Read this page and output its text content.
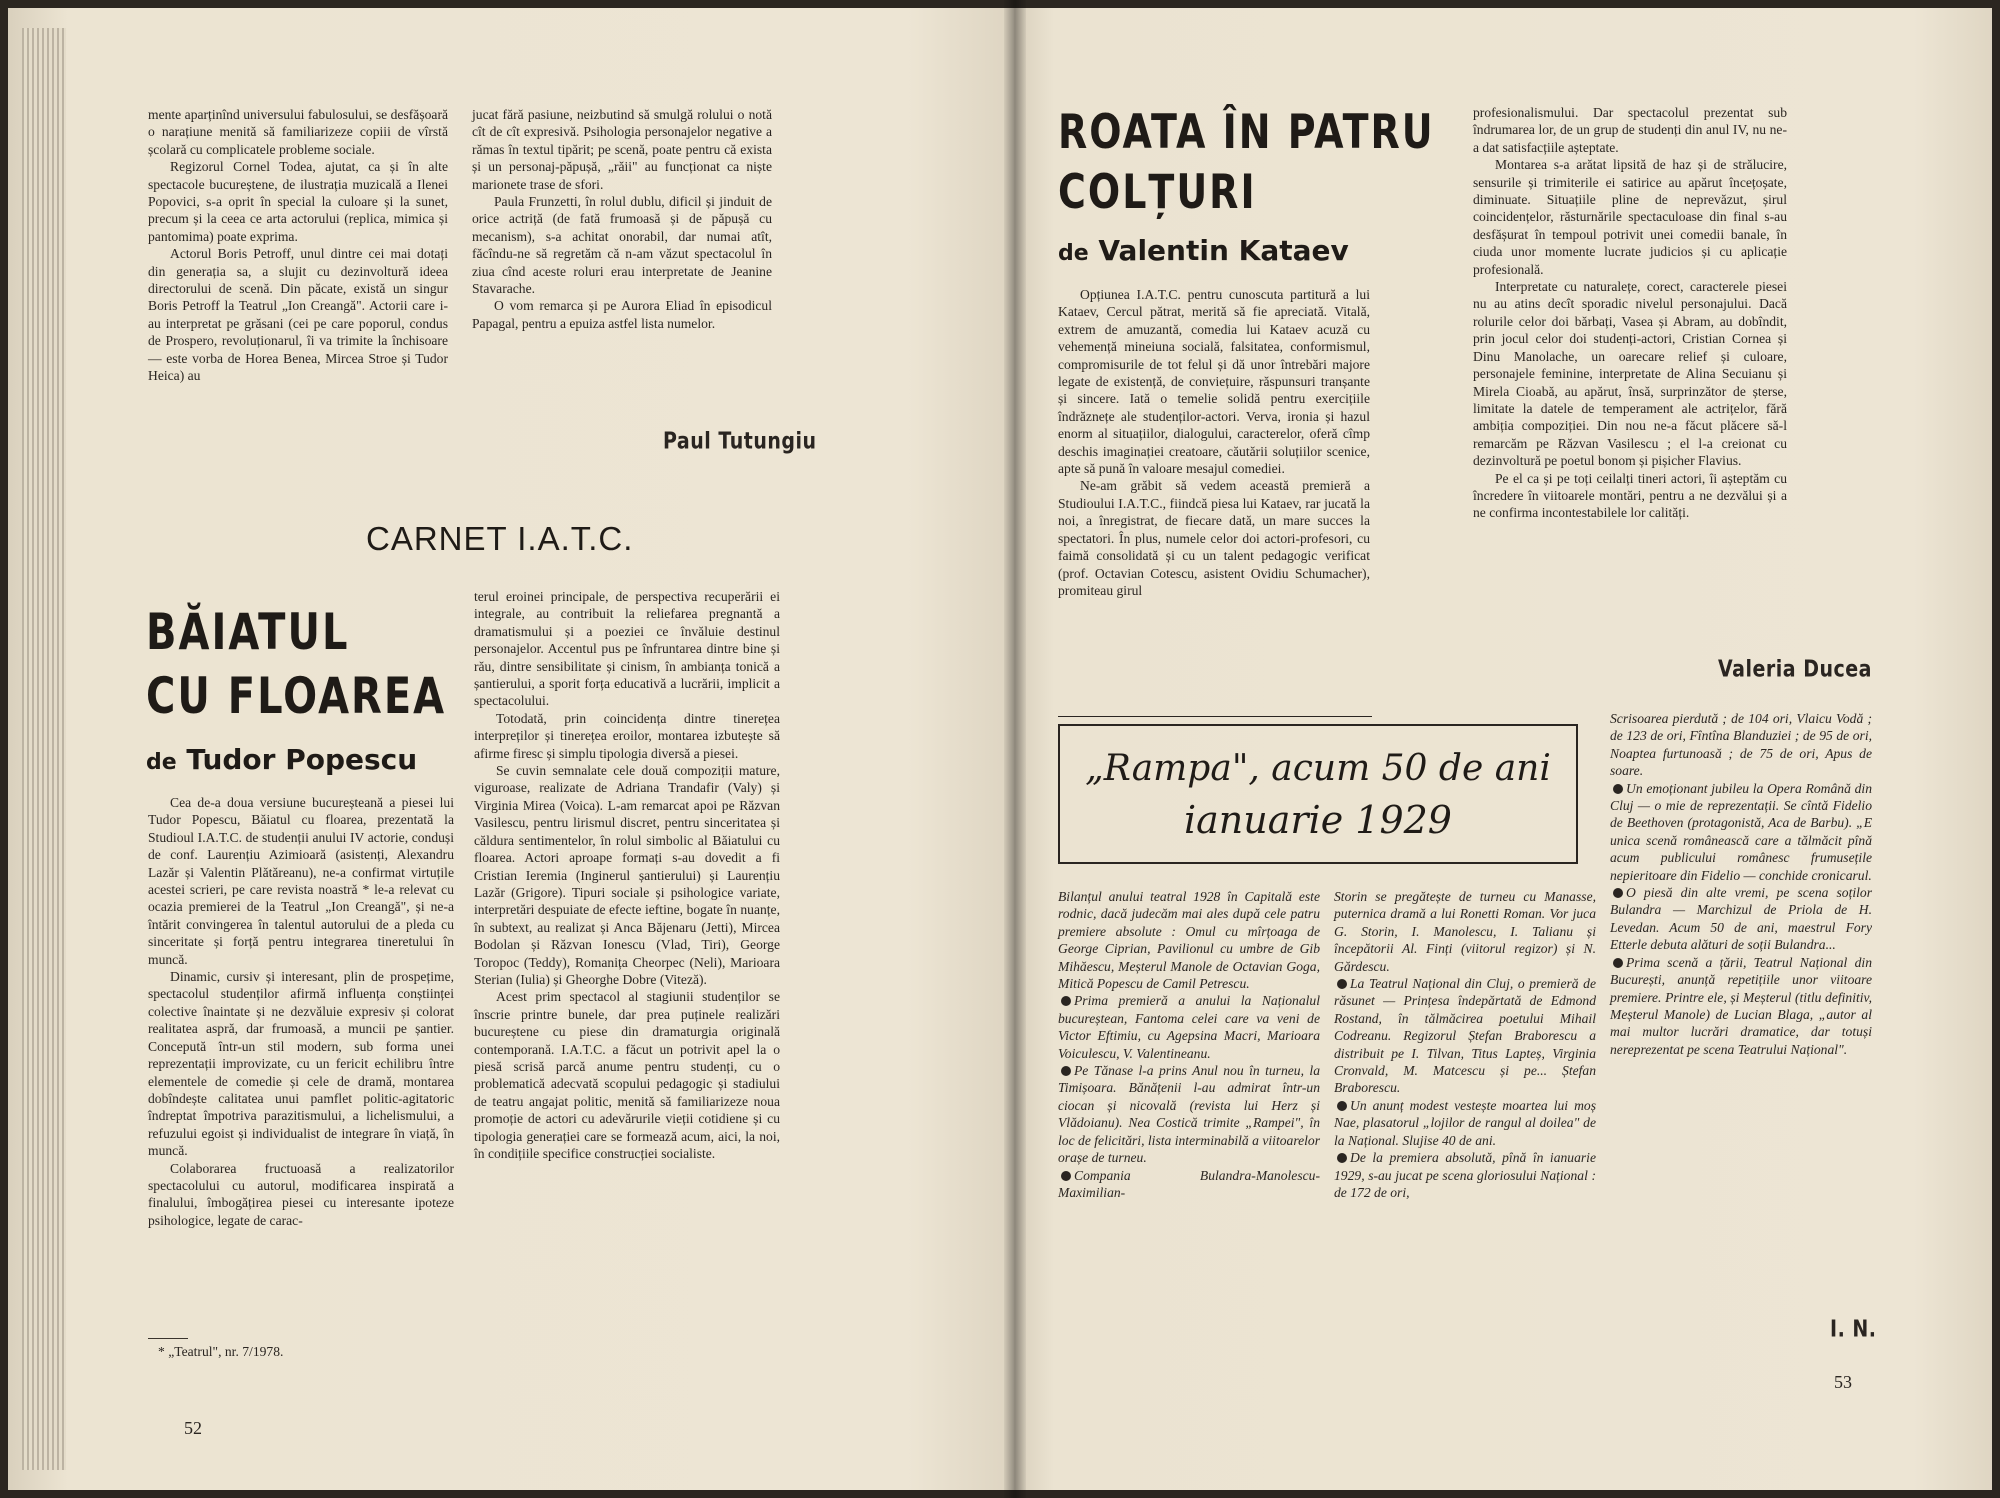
mente aparținînd universului fabulosului, se desfășoară o narațiune menită să familiarizeze copiii de vîrstă școlară cu complicatele probleme sociale.

Regizorul Cornel Todea, ajutat, ca și în alte spectacole bucureștene, de ilustrația muzicală a Ilenei Popovici, s-a oprit în special la culoare și la sunet, precum și la ceea ce arta actorului (replica, mimica și pantomima) poate exprima.

Actorul Boris Petroff, unul dintre cei mai dotați din generația sa, a slujit cu dezinvoltură ideea directorului de scenă. Din păcate, există un singur Boris Petroff la Teatrul „Ion Creangă". Actorii care i-au interpretat pe grăsani (cei pe care poporul, condus de Prospero, revoluționarul, îi va trimite la închisoare — este vorba de Horea Benea, Mircea Stroe și Tudor Heica) au

jucat fără pasiune, neizbutind să smulgă rolului o notă cît de cît expresivă. Psihologia personajelor negative a rămas în textul tipărit; pe scenă, poate pentru că exista și un personaj-păpușă, „răii" au funcționat ca niște marionete trase de sfori.

Paula Frunzetti, în rolul dublu, dificil și jinduit de orice actriță (de fată frumoasă și de păpușă cu mecanism), s-a achitat onorabil, dar numai atît, făcîndu-ne să regretăm că n-am văzut spectacolul în ziua cînd aceste roluri erau interpretate de Jeanine Stavarache.

O vom remarca și pe Aurora Eliad în episodicul Papagal, pentru a epuiza astfel lista numelor.

Paul Tutungiu
CARNET I.A.T.C.
BĂIATUL
CU FLOAREA
de Tudor Popescu

Cea de-a doua versiune bucureșteană a piesei lui Tudor Popescu, Băiatul cu floarea, prezentată la Studioul I.A.T.C. de studenții anului IV actorie, conduși de conf. Laurențiu Azimioară (asistenți, Alexandru Lazăr și Valentin Plătăreanu), ne-a confirmat virtuțile acestei scrieri, pe care revista noastră * le-a relevat cu ocazia premierei de la Teatrul „Ion Creangă", și ne-a întărit convingerea în talentul autorului de a pleda cu sinceritate și forță pentru integrarea tineretului în muncă.

Dinamic, cursiv și interesant, plin de prospețime, spectacolul studenților afirmă influența conștiinței colective înaintate și ne dezvăluie expresiv și colorat realitatea aspră, dar frumoasă, a muncii pe șantier. Concepută într-un stil modern, sub forma unei reprezentații improvizate, cu un fericit echilibru între elementele de comedie și cele de dramă, montarea dobîndește calitatea unui pamflet politic-agitatoric îndreptat împotriva parazitismului, a lichelismului, a refuzului egoist și individualist de integrare în viață, în muncă.

Colaborarea fructuoasă a realizatorilor spectacolului cu autorul, modificarea inspirată a finalului, îmbogățirea piesei cu interesante ipoteze psihologice, legate de carac-

* „Teatrul", nr. 7/1978.

terul eroinei principale, de perspectiva recuperării ei integrale, au contribuit la reliefarea pregnantă a dramatismului și a poeziei ce învăluie destinul personajelor. Accentul pus pe înfruntarea dintre bine și rău, dintre sensibilitate și cinism, în ambianța tonică a șantierului, a sporit forța educativă a lucrării, implicit a spectacolului.

Totodată, prin coincidența dintre tinerețea interpreților și tinerețea eroilor, montarea izbutește să afirme firesc și simplu tipologia diversă a piesei.

Se cuvin semnalate cele două compoziții mature, viguroase, realizate de Adriana Trandafir (Valy) și Virginia Mirea (Voica). L-am remarcat apoi pe Răzvan Vasilescu, pentru lirismul discret, pentru sinceritatea și căldura sentimentelor, în rolul simbolic al Băiatului cu floarea. Actori aproape formați s-au dovedit a fi Cristian Ieremia (Inginerul șantierului) și Laurențiu Lazăr (Grigore). Tipuri sociale și psihologice variate, interpretări despuiate de efecte ieftine, bogate în nuanțe, în subtext, au realizat și Anca Băjenaru (Jetti), Mircea Bodolan și Răzvan Ionescu (Vlad, Tiri), George Toropoc (Teddy), Romanița Cheorpec (Neli), Marioara Sterian (Iulia) și Gheorghe Dobre (Viteză).

Acest prim spectacol al stagiunii studenților se înscrie printre bunele, dar prea puținele realizări bucureștene cu piese din dramaturgia originală contemporană. I.A.T.C. a făcut un potrivit apel la o piesă scrisă parcă anume pentru studenți, cu o problematică adecvată scopului pedagogic și stadiului de teatru angajat politic, menită să familiarizeze noua promoție de actori cu adevărurile vieții cotidiene și cu tipologia generației care se formează acum, aici, la noi, în condițiile specifice construcției socialiste.

52
ROATA ÎN PATRU
COLȚURI
de Valentin Kataev

Opțiunea I.A.T.C. pentru cunoscuta partitură a lui Kataev, Cercul pătrat, merită să fie apreciată. Vitală, extrem de amuzantă, comedia lui Kataev acuză cu vehemență mineiuna socială, falsitatea, conformismul, compromisurile de tot felul și dă unor întrebări majore legate de existență, de conviețuire, răspunsuri tranșante și sincere. Iată o temelie solidă pentru exercițiile îndrăznețe ale studenților-actori. Verva, ironia și hazul enorm al situațiilor, dialogului, caracterelor, oferă cîmp deschis imaginației creatoare, căutării soluțiilor scenice, apte să pună în valoare mesajul comediei.

Ne-am grăbit să vedem această premieră a Studioului I.A.T.C., fiindcă piesa lui Kataev, rar jucată la noi, a înregistrat, de fiecare dată, un mare succes la spectatori. În plus, numele celor doi actori-profesori, cu faimă consolidată și cu un talent pedagogic verificat (prof. Octavian Cotescu, asistent Ovidiu Schumacher), promiteau girul

profesionalismului. Dar spectacolul prezentat sub îndrumarea lor, de un grup de studenți din anul IV, nu ne-a dat satisfacțiile așteptate.

Montarea s-a arătat lipsită de haz și de strălucire, sensurile și trimiterile ei satirice au apărut încețoșate, diminuate. Situațiile pline de neprevăzut, șirul coincidențelor, răsturnările spectaculoase din final s-au desfășurat în tempoul potrivit unei comedii banale, în ciuda unor momente lucrate judicios și cu aplicație profesională.

Interpretate cu naturalețe, corect, caracterele piesei nu au atins decît sporadic nivelul personajului. Dacă rolurile celor doi bărbați, Vasea și Abram, au dobîndit, prin jocul celor doi studenți-actori, Cristian Cornea și Dinu Manolache, un oarecare relief și culoare, personajele feminine, interpretate de Alina Secuianu și Mirela Cioabă, au apărut, însă, surprinzător de șterse, limitate la datele de temperament ale actrițelor, fără ambiția compoziției. Din nou ne-a făcut plăcere să-l remarcăm pe Răzvan Vasilescu ; el l-a creionat cu dezinvoltură pe poetul bonom și pișicher Flavius.

Pe el ca și pe toți ceilalți tineri actori, îi așteptăm cu încredere în viitoarele montări, pentru a ne dezvălui și a ne confirma incontestabilele lor calități.

Valeria Ducea
„Rampa", acum 50 de ani
ianuarie 1929

Bilanțul anului teatral 1928 în Capitală este rodnic, dacă judecăm mai ales după cele patru premiere absolute : Omul cu mîrțoaga de George Ciprian, Pavilionul cu umbre de Gib Mihăescu, Meșterul Manole de Octavian Goga, Mitică Popescu de Camil Petrescu.

Prima premieră a anului la Naționalul bucureștean, Fantoma celei care va veni de Victor Eftimiu, cu Agepsina Macri, Marioara Voiculescu, V. Valentineanu.

Pe Tănase l-a prins Anul nou în turneu, la Timișoara. Bănățenii l-au admirat într-un ciocan și nicovală (revista lui Herz și Vlădoianu). Nea Costică trimite „Rampei", în loc de felicitări, lista interminabilă a viitoarelor orașe de turneu.

Compania Bulandra-Manolescu-Maximilian-

Storin se pregătește de turneu cu Manasse, puternica dramă a lui Ronetti Roman. Vor juca G. Storin, I. Manolescu, I. Talianu și începătorii Al. Finți (viitorul regizor) și N. Gărdescu.

La Teatrul Național din Cluj, o premieră de răsunet — Prințesa îndepărtată de Edmond Rostand, în tălmăcirea poetului Mihail Codreanu. Regizorul Ștefan Braborescu a distribuit pe I. Tilvan, Titus Lapteș, Virginia Cronvald, M. Matcescu și pe... Ștefan Braborescu.

Un anunț modest vestește moartea lui moș Nae, plasatorul „lojilor de rangul al doilea" de la Național. Slujise 40 de ani.

De la premiera absolută, pînă în ianuarie 1929, s-au jucat pe scena gloriosului Național : de 172 de ori,

Scrisoarea pierdută ; de 104 ori, Vlaicu Vodă ; de 123 de ori, Fîntîna Blanduziei ; de 95 de ori, Noaptea furtunoasă ; de 75 de ori, Apus de soare.

Un emoționant jubileu la Opera Română din Cluj — o mie de reprezentații. Se cîntă Fidelio de Beethoven (protagonistă, Aca de Barbu). „E unica scenă românească care a tălmăcit pînă acum publicului românesc frumusețile nepieritoare din Fidelio — conchide cronicarul.

O piesă din alte vremi, pe scena soților Bulandra — Marchizul de Priola de H. Levedan. Acum 50 de ani, maestrul Fory Etterle debuta alături de soții Bulandra...

Prima scenă a țării, Teatrul Național din București, anunță repetițiile unor viitoare premiere. Printre ele, și Meșterul (titlu definitiv, Meșterul Manole) de Lucian Blaga, „autor al mai multor lucrări dramatice, dar totuși nereprezentat pe scena Teatrului Național".

I. N.
53
